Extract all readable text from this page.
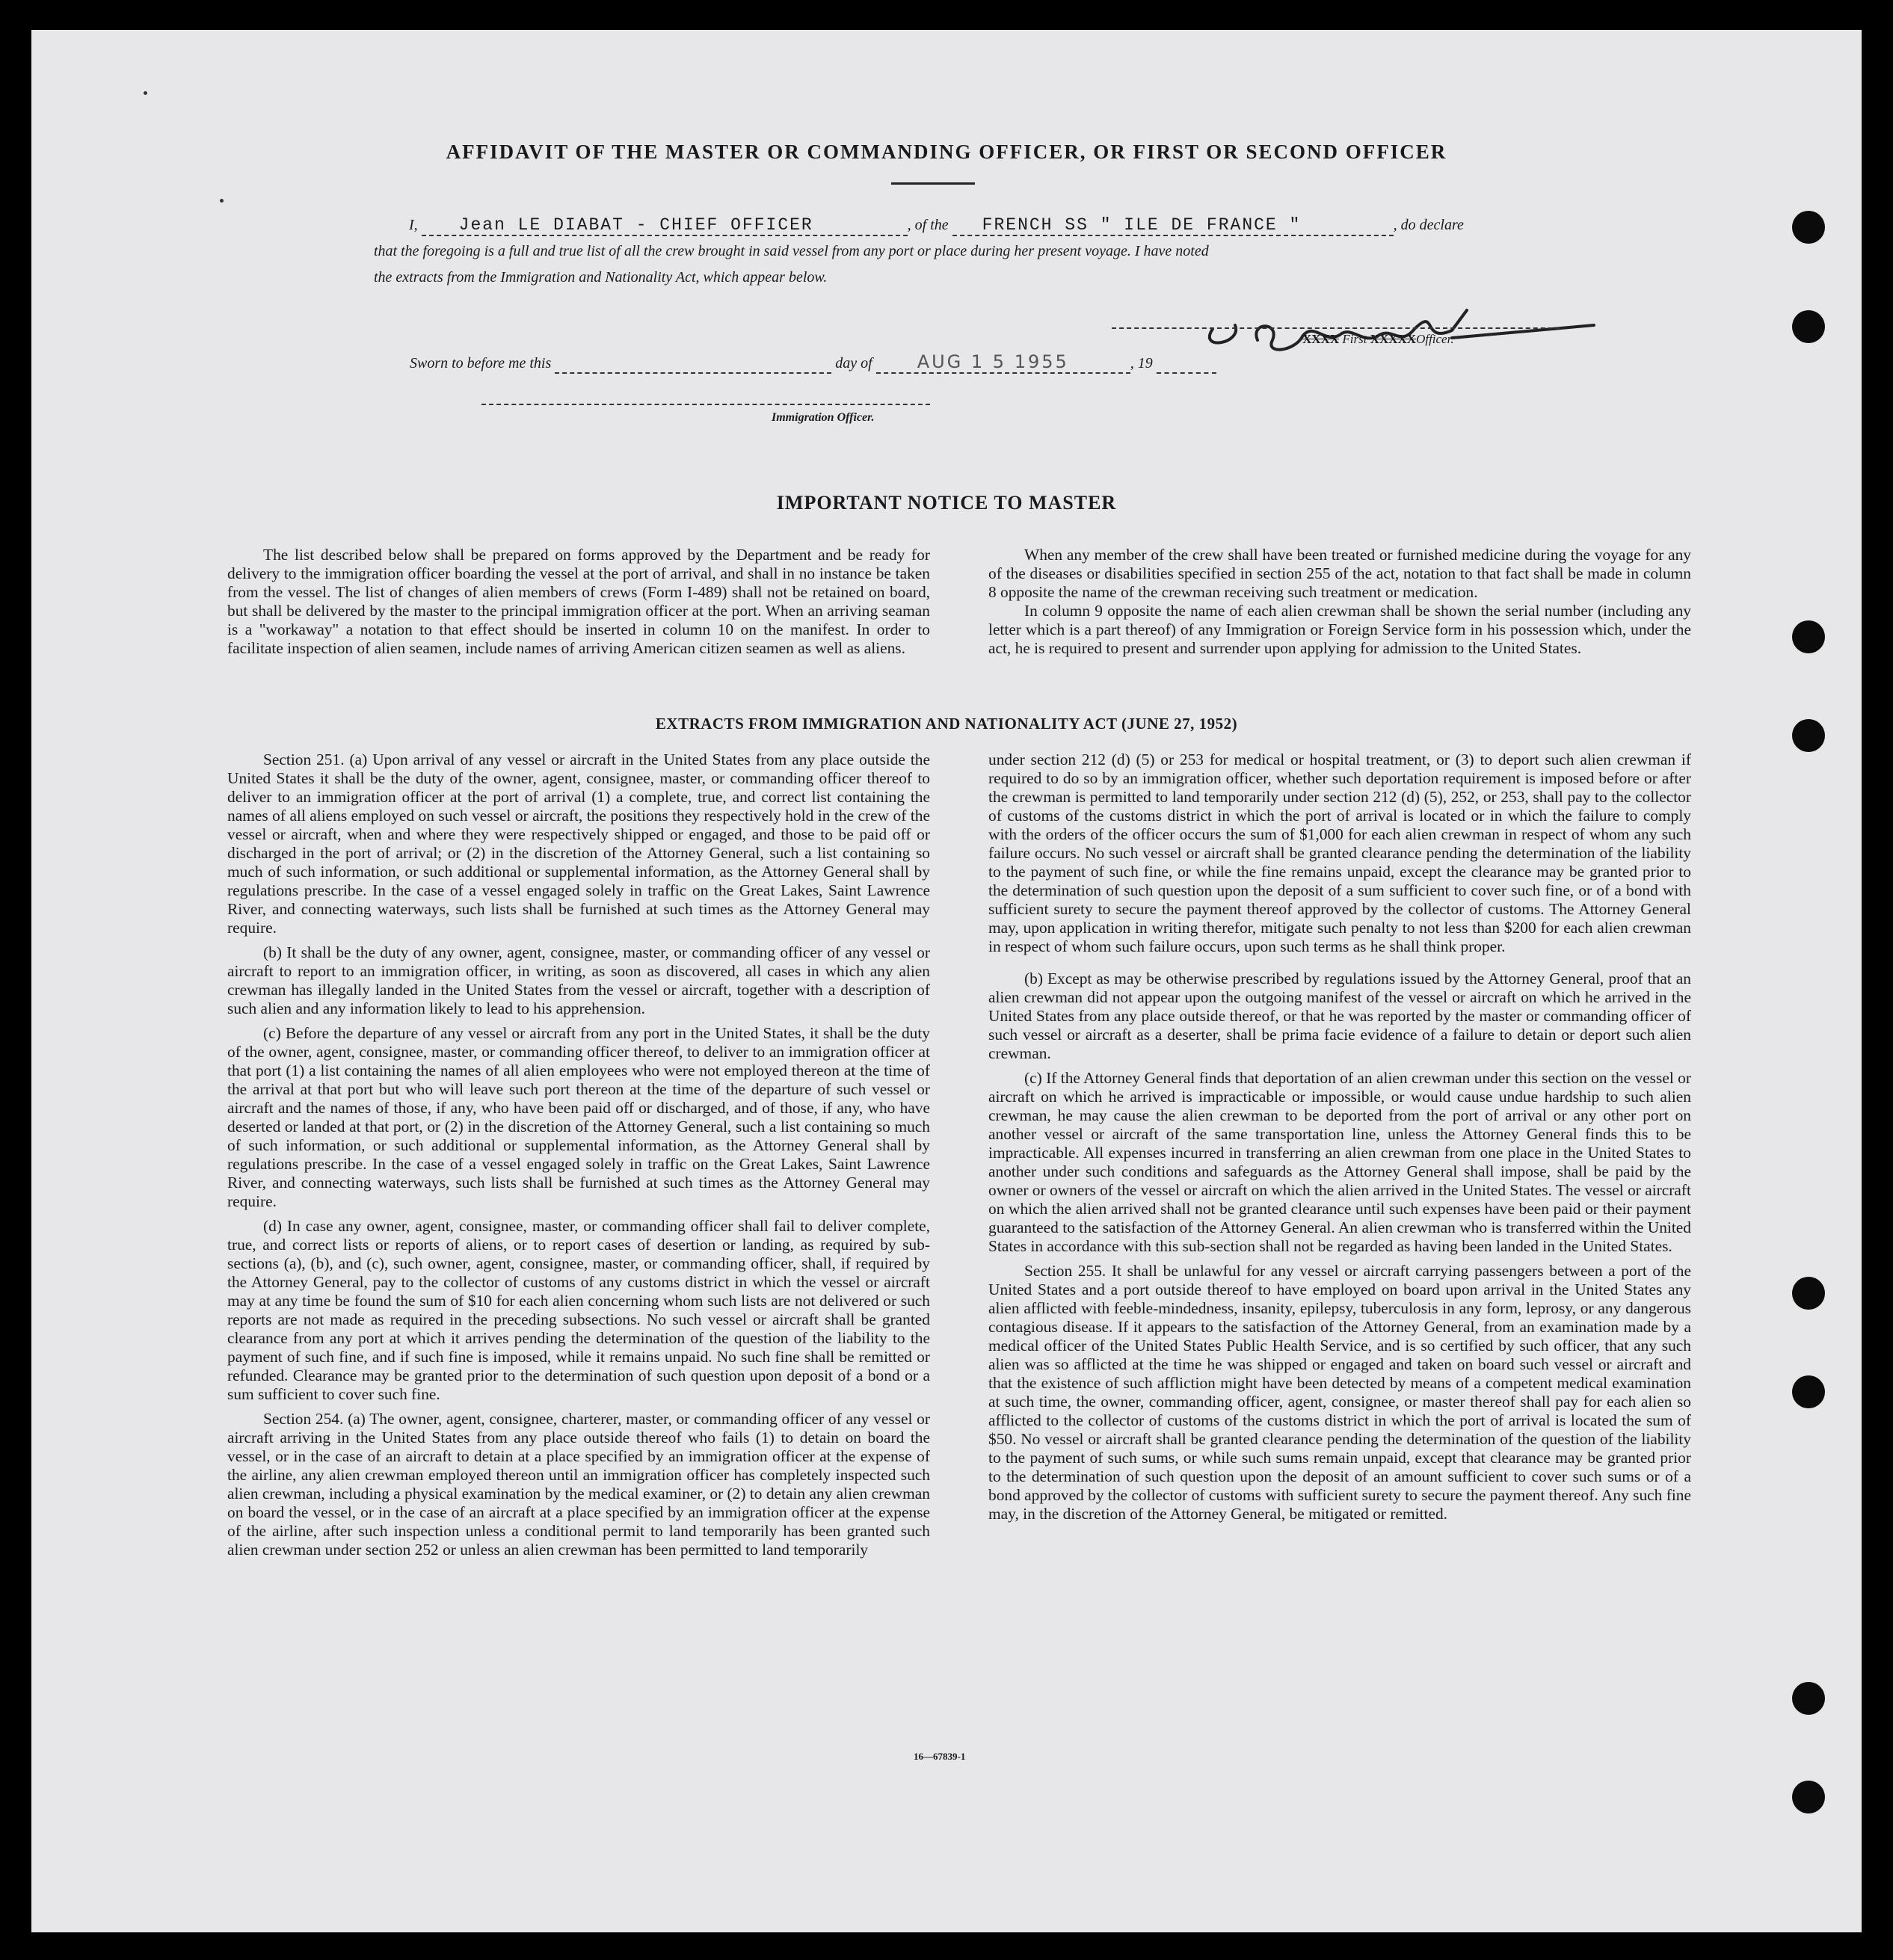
AFFIDAVIT OF THE MASTER OR COMMANDING OFFICER, OR FIRST OR SECOND OFFICER
I, Jean LE DIABAT - CHIEF OFFICER	, of the FRENCH SS " ILE DE FRANCE "	, do declare
that the foregoing is a full and true list of all the crew brought in said vessel from any port or place during her present voyage. I have noted
the extracts from the Immigration and Nationality Act, which appear below.
XXXX First XXXXXOfficer.
Sworn to before me this	day of	AUG 1 5 1955	, 19
Immigration Officer.
IMPORTANT NOTICE TO MASTER

The list described below shall be prepared on forms approved by the Department and be ready for delivery to the immigration officer boarding the vessel at the port of arrival, and shall in no instance be taken from the vessel. The list of changes of alien members of crews (Form I-489) shall not be retained on board, but shall be delivered by the master to the principal immigration officer at the port. When an arriving seaman is a "workaway" a notation to that effect should be inserted in column 10 on the manifest. In order to facilitate inspection of alien seamen, include names of arriving American citizen seamen as well as aliens.

When any member of the crew shall have been treated or furnished medicine during the voyage for any of the diseases or disabilities specified in section 255 of the act, notation to that fact shall be made in column 8 opposite the name of the crewman receiving such treatment or medication.

In column 9 opposite the name of each alien crewman shall be shown the serial number (including any letter which is a part thereof) of any Immigration or Foreign Service form in his possession which, under the act, he is required to present and surrender upon applying for admission to the United States.

EXTRACTS FROM IMMIGRATION AND NATIONALITY ACT (JUNE 27, 1952)

Section 251. (a) Upon arrival of any vessel or aircraft in the United States from any place outside the United States it shall be the duty of the owner, agent, consignee, master, or commanding officer thereof to deliver to an immigration officer at the port of arrival (1) a complete, true, and correct list containing the names of all aliens employed on such vessel or aircraft, the positions they respectively hold in the crew of the vessel or aircraft, when and where they were respectively shipped or engaged, and those to be paid off or discharged in the port of arrival; or (2) in the discretion of the Attorney General, such a list containing so much of such information, or such additional or supplemental information, as the Attorney General shall by regulations prescribe. In the case of a vessel engaged solely in traffic on the Great Lakes, Saint Lawrence River, and connecting waterways, such lists shall be furnished at such times as the Attorney General may require.

(b) It shall be the duty of any owner, agent, consignee, master, or commanding officer of any vessel or aircraft to report to an immigration officer, in writing, as soon as discovered, all cases in which any alien crewman has illegally landed in the United States from the vessel or aircraft, together with a description of such alien and any information likely to lead to his apprehension.

(c) Before the departure of any vessel or aircraft from any port in the United States, it shall be the duty of the owner, agent, consignee, master, or commanding officer thereof, to deliver to an immigration officer at that port (1) a list containing the names of all alien employees who were not employed thereon at the time of the arrival at that port but who will leave such port thereon at the time of the departure of such vessel or aircraft and the names of those, if any, who have been paid off or discharged, and of those, if any, who have deserted or landed at that port, or (2) in the discretion of the Attorney General, such a list containing so much of such information, or such additional or supplemental information, as the Attorney General shall by regulations prescribe. In the case of a vessel engaged solely in traffic on the Great Lakes, Saint Lawrence River, and connecting waterways, such lists shall be furnished at such times as the Attorney General may require.

(d) In case any owner, agent, consignee, master, or commanding officer shall fail to deliver complete, true, and correct lists or reports of aliens, or to report cases of desertion or landing, as required by sub-sections (a), (b), and (c), such owner, agent, consignee, master, or commanding officer, shall, if required by the Attorney General, pay to the collector of customs of any customs district in which the vessel or aircraft may at any time be found the sum of $10 for each alien concerning whom such lists are not delivered or such reports are not made as required in the preceding subsections. No such vessel or aircraft shall be granted clearance from any port at which it arrives pending the determination of the question of the liability to the payment of such fine, and if such fine is imposed, while it remains unpaid. No such fine shall be remitted or refunded. Clearance may be granted prior to the determination of such question upon deposit of a bond or a sum sufficient to cover such fine.

Section 254. (a) The owner, agent, consignee, charterer, master, or commanding officer of any vessel or aircraft arriving in the United States from any place outside thereof who fails (1) to detain on board the vessel, or in the case of an aircraft to detain at a place specified by an immigration officer at the expense of the airline, any alien crewman employed thereon until an immigration officer has completely inspected such alien crewman, including a physical examination by the medical examiner, or (2) to detain any alien crewman on board the vessel, or in the case of an aircraft at a place specified by an immigration officer at the expense of the airline, after such inspection unless a conditional permit to land temporarily has been granted such alien crewman under section 252 or unless an alien crewman has been permitted to land temporarily

under section 212 (d) (5) or 253 for medical or hospital treatment, or (3) to deport such alien crewman if required to do so by an immigration officer, whether such deportation requirement is imposed before or after the crewman is permitted to land temporarily under section 212 (d) (5), 252, or 253, shall pay to the collector of customs of the customs district in which the port of arrival is located or in which the failure to comply with the orders of the officer occurs the sum of $1,000 for each alien crewman in respect of whom any such failure occurs. No such vessel or aircraft shall be granted clearance pending the determination of the liability to the payment of such fine, or while the fine remains unpaid, except the clearance may be granted prior to the determination of such question upon the deposit of a sum sufficient to cover such fine, or of a bond with sufficient surety to secure the payment thereof approved by the collector of customs. The Attorney General may, upon application in writing therefor, mitigate such penalty to not less than $200 for each alien crewman in respect of whom such failure occurs, upon such terms as he shall think proper.

(b) Except as may be otherwise prescribed by regulations issued by the Attorney General, proof that an alien crewman did not appear upon the outgoing manifest of the vessel or aircraft on which he arrived in the United States from any place outside thereof, or that he was reported by the master or commanding officer of such vessel or aircraft as a deserter, shall be prima facie evidence of a failure to detain or deport such alien crewman.

(c) If the Attorney General finds that deportation of an alien crewman under this section on the vessel or aircraft on which he arrived is impracticable or impossible, or would cause undue hardship to such alien crewman, he may cause the alien crewman to be deported from the port of arrival or any other port on another vessel or aircraft of the same transportation line, unless the Attorney General finds this to be impracticable. All expenses incurred in transferring an alien crewman from one place in the United States to another under such conditions and safeguards as the Attorney General shall impose, shall be paid by the owner or owners of the vessel or aircraft on which the alien arrived in the United States. The vessel or aircraft on which the alien arrived shall not be granted clearance until such expenses have been paid or their payment guaranteed to the satisfaction of the Attorney General. An alien crewman who is transferred within the United States in accordance with this sub-section shall not be regarded as having been landed in the United States.

Section 255. It shall be unlawful for any vessel or aircraft carrying passengers between a port of the United States and a port outside thereof to have employed on board upon arrival in the United States any alien afflicted with feeble-mindedness, insanity, epilepsy, tuberculosis in any form, leprosy, or any dangerous contagious disease. If it appears to the satisfaction of the Attorney General, from an examination made by a medical officer of the United States Public Health Service, and is so certified by such officer, that any such alien was so afflicted at the time he was shipped or engaged and taken on board such vessel or aircraft and that the existence of such affliction might have been detected by means of a competent medical examination at such time, the owner, commanding officer, agent, consignee, or master thereof shall pay for each alien so afflicted to the collector of customs of the customs district in which the port of arrival is located the sum of $50. No vessel or aircraft shall be granted clearance pending the determination of the question of the liability to the payment of such sums, or while such sums remain unpaid, except that clearance may be granted prior to the determination of such question upon the deposit of an amount sufficient to cover such sums or of a bond approved by the collector of customs with sufficient surety to secure the payment thereof. Any such fine may, in the discretion of the Attorney General, be mitigated or remitted.

16—67839-1
